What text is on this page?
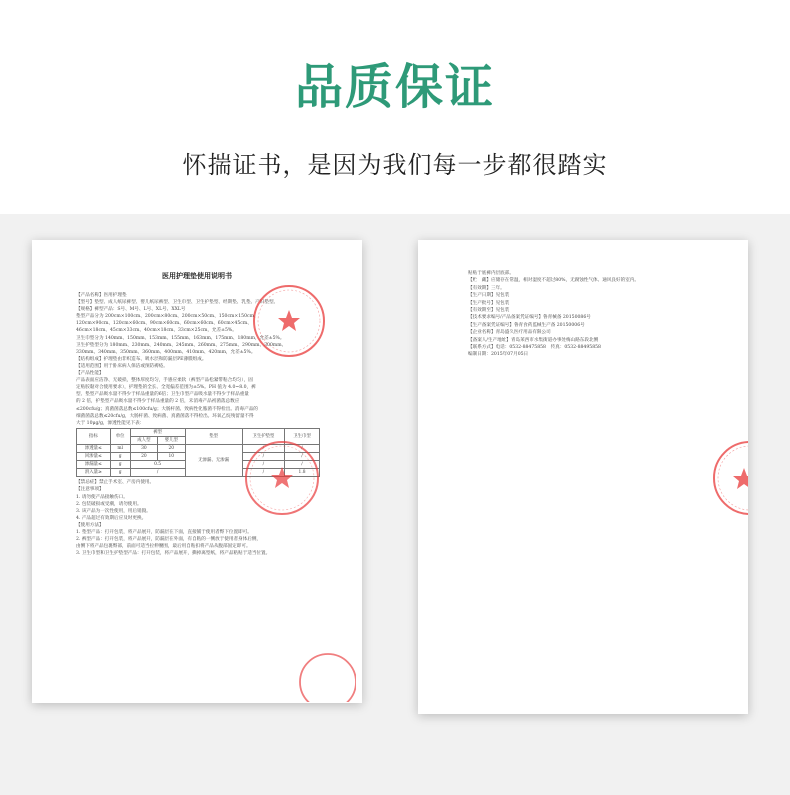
品质保证
怀揣证书，是因为我们每一步都很踏实
医用护理垫使用说明书

【产品名称】医用护理垫

【型号】垫型、成人纸尿裤型、婴儿纸尿裤型、卫生巾型、卫生护垫型、经期垫、乳垫、产妇垫型。

【规格】裤型产品：S号、M号、L号、XL号、XXL号

垫型产品分为 200cm×100cm、200cm×80cm、200cm×50cm、150cm×150cm、

120cm×90cm、120cm×60cm、90cm×60cm、60cm×60cm、60cm×45cm、

46cm×18cm、45cm×33cm、40cm×18cm、33cm×25cm，允差±5%。

卫生巾型分为 140mm、150mm、153mm、155mm、163mm、175mm、180mm，允差±5%。

卫生护垫型分为 180mm、230mm、240mm、245mm、260mm、275mm、290mm、300mm、

330mm、340mm、350mm、360mm、400mm、410mm、420mm，允差±5%。

【结构组成】护理垫由非织造布、吸水层和防漏层PE薄膜组成。

【适用范围】用于卧床病人保洁或预防褥疮。

【产品性能】

产品表面应洁净、无破损，整体厚度均匀，手感应柔软（裤型产品松紧带粘合均匀），固

定贴胶黏对合使用要求），护理垫的全长、全宽偏差范围为±5%。PH 值为 4.0~8.0，裤

型、垫型产品吸水量不得少于样品重量的6倍；卫生巾型产品吸水量不得少于样品重量

的 2 倍，护垫型产品吸水量不得少于样品重量的 2 倍，未消毒产品初菌落总数应

≤200cfu/g；真菌菌落总数≤100cfu/g；大肠杆菌、致病性化脓菌不得检出。消毒产品的

细菌菌落总数≤20cfu/g，大肠杆菌、致病菌、真菌菌落不得检出。环氧乙烷残留量不得

大于 10μg/g，渗透性能见下表：

指标	单位	裤型		垫型	卫生护垫型	卫生巾型
		成人型	婴儿型			
渗透量≤	ml	30	20	无渗漏、无渗漏	/	/
回渗量≤	g	20	10		/	/
渗漏量≤	g	0.5			/	/
滑入量≥	g	/			/	1.8

【禁忌症】禁止手术室、产房内使用。

【注意事项】

1. 请勿使产品接触伤口。

2. 包装破损或受潮，请勿使用。

3. 该产品为一次性使用，用后销毁。

4. 产品超过有效期后应及时更换。

【使用方法】

1. 垫型产品：打开包装，将产品展开，防漏层在下面，直接铺于使用者臀下位置即可。

2. 裤型产品：打开包装，将产品展开，防漏层在外面，有自粘的一侧放于使用者身体后侧，

由侧下将产品包裹臀部，前面可适当拉伸腰围，最后用自粘扣将产品从腹部固定即可。

3. 卫生巾型和卫生护垫型产品：打开包装，将产品展开，撕掉离型纸，将产品粘贴于适当位置。

贴贴于底裤内层底部。

【贮　藏】应储存在常温，相对湿度不超过80%，无腐蚀性气体、通风良好的室内。

【有效期】三年。

【生产日期】见包装

【生产批号】见包装

【有效期至】见包装

【技术要求编号/产品备案凭证编号】鲁青械备 20150086号

【生产备案凭证编号】鲁青食药监械生产备 20150006号

【企业名称】青岛盛久医疗用品有限公司

【备案人/生产地址】青岛莱西市水集街道办事处梅山路东段北侧

【联系方式】电话：0532-88475858　传真：0532-88495858

编制日期：2015年07月05日
